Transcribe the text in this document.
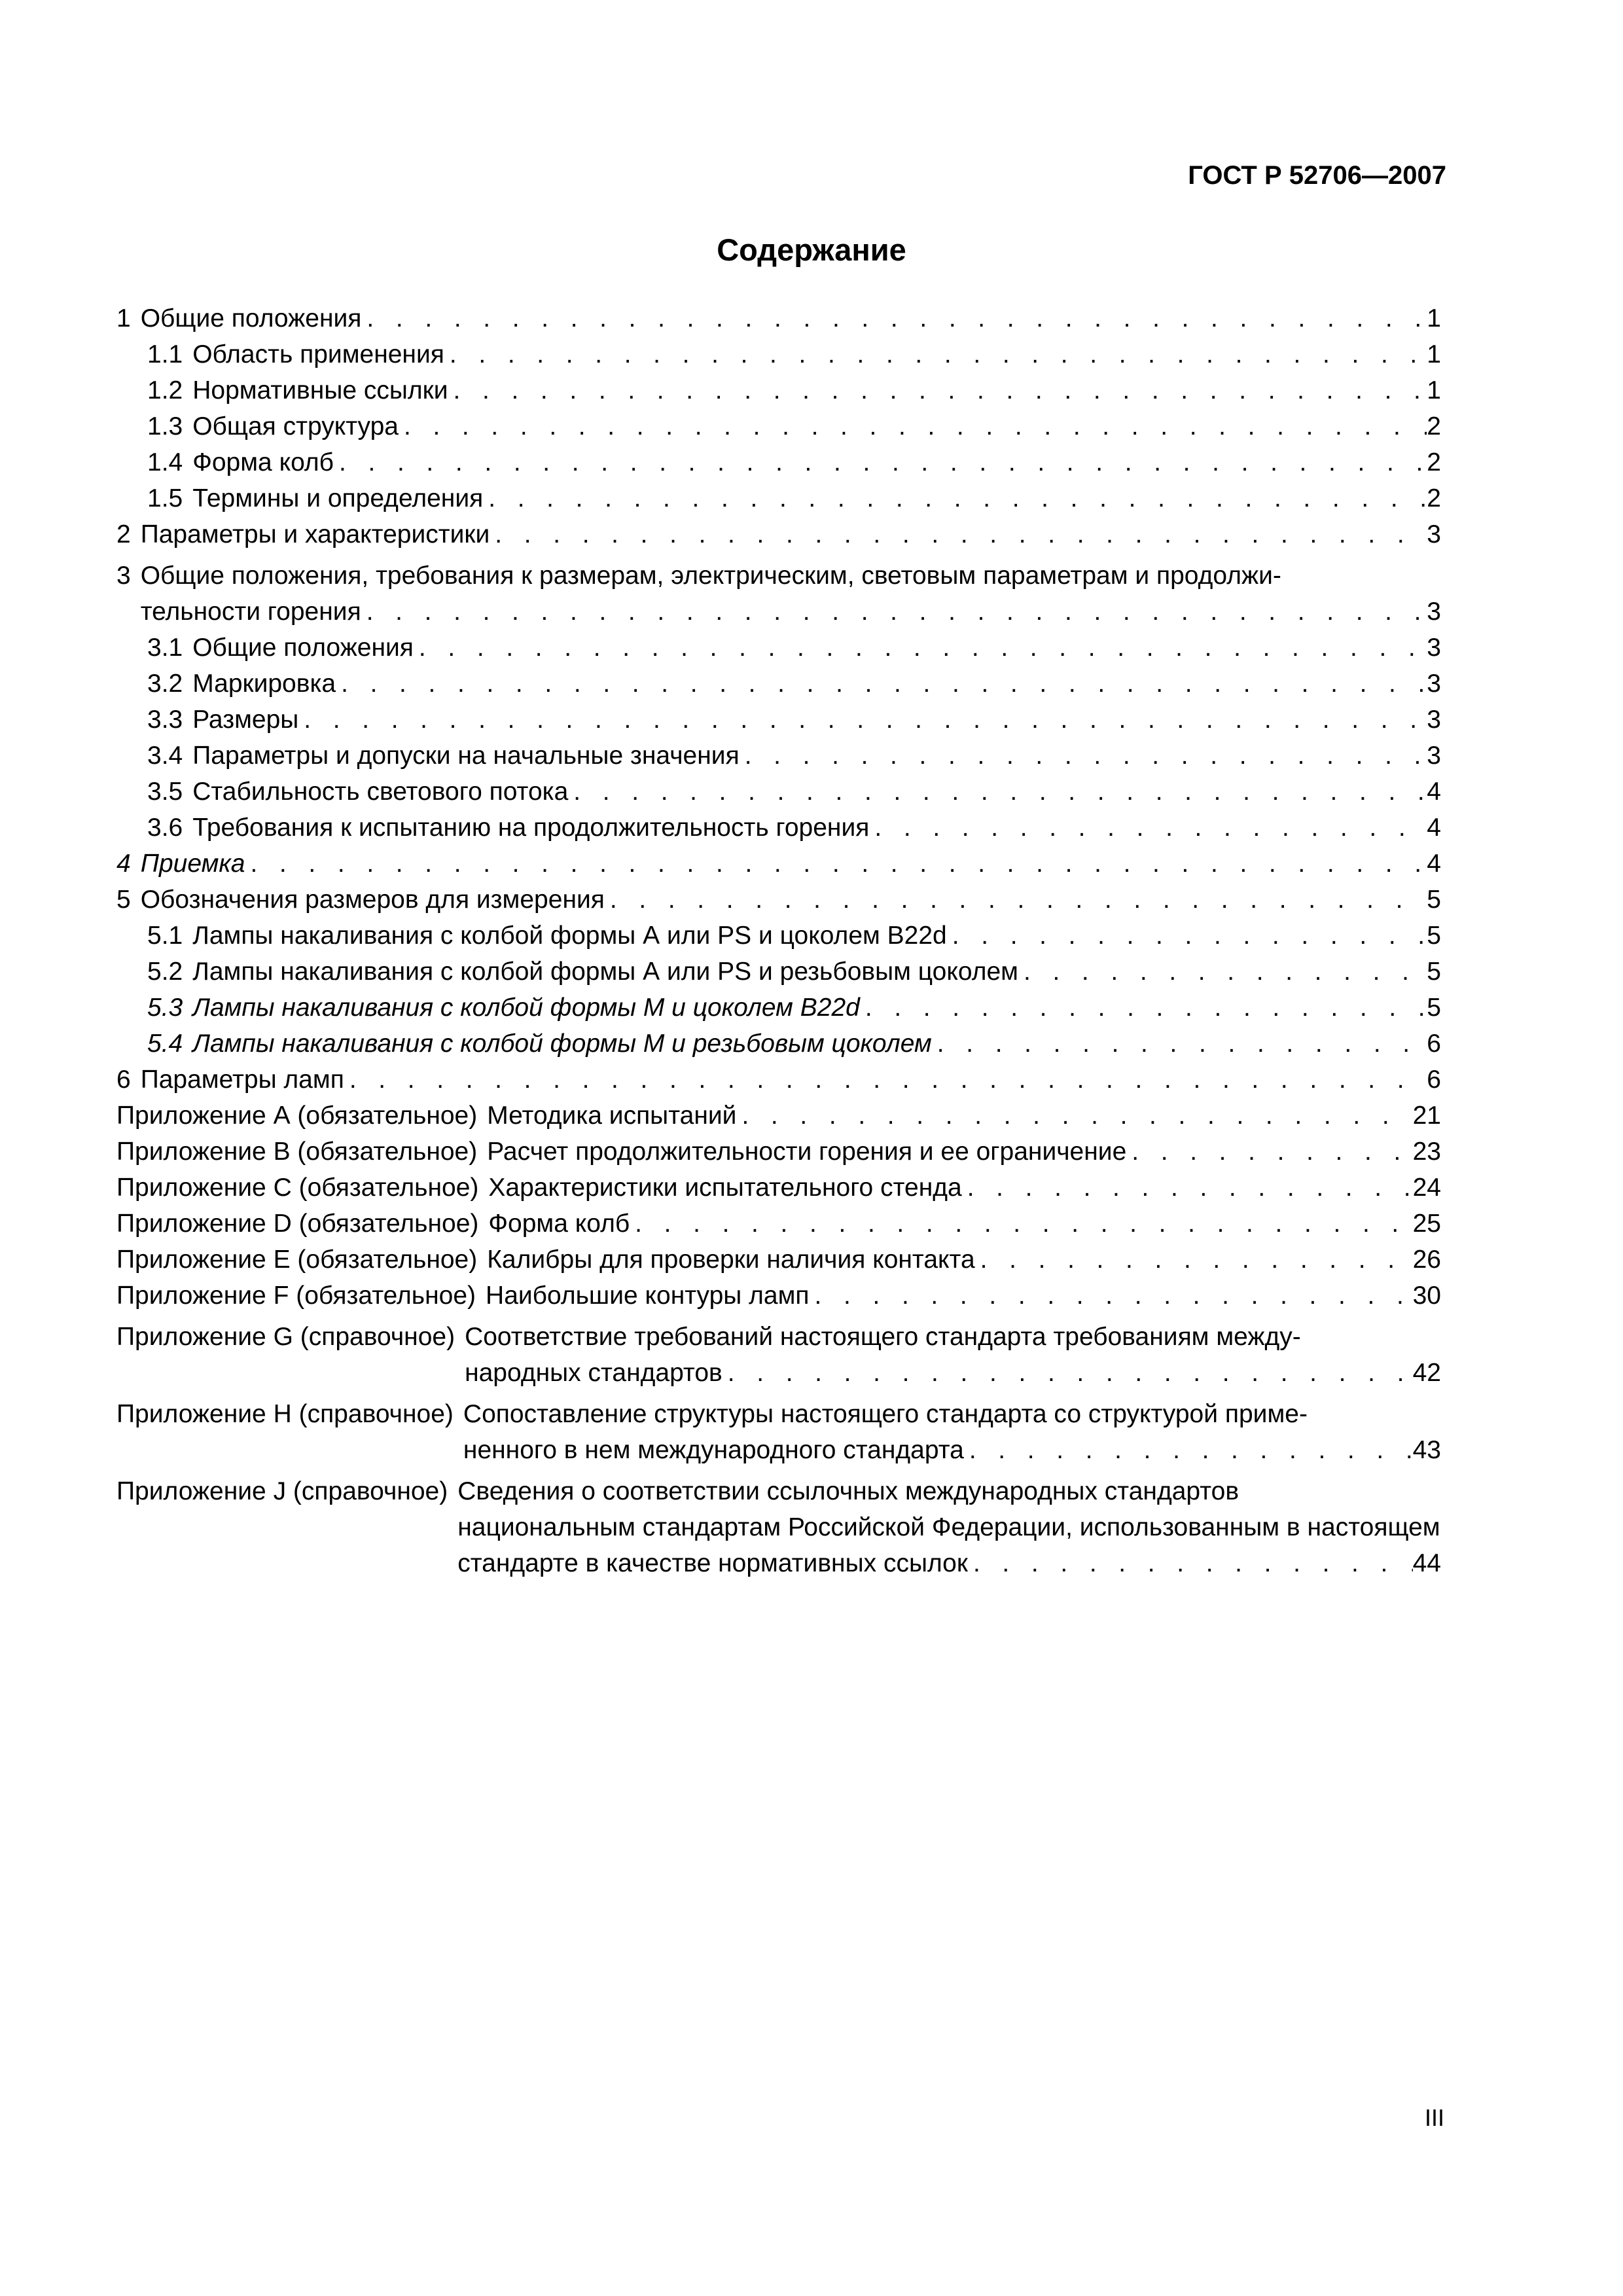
ГОСТ Р 52706—2007
Содержание
1 Общие положения . . .	1
1.1 Область применения . . .	1
1.2 Нормативные ссылки . . .	1
1.3 Общая структура . . .	2
1.4 Форма колб . . .	2
1.5 Термины и определения . . .	2
2 Параметры и характеристики . . .	3
3 Общие положения, требования к размерам, электрическим, световым параметрам и продолжи-
тельности горения . . .	3
3.1 Общие положения . . .	3
3.2 Маркировка . . .	3
3.3 Размеры . . .	3
3.4 Параметры и допуски на начальные значения . . .	3
3.5 Стабильность светового потока . . .	4
3.6 Требования к испытанию на продолжительность горения . . .	4
4 Приемка . . .	4
5 Обозначения размеров для измерения . . .	5
5.1 Лампы накаливания с колбой формы А или PS и цоколем B22d . . .	5
5.2 Лампы накаливания с колбой формы А или PS и резьбовым цоколем . . .	5
5.3 Лампы накаливания с колбой формы М и цоколем B22d . . .	5
5.4 Лампы накаливания с колбой формы М и резьбовым цоколем . . .	6
6 Параметры ламп . . .	6
Приложение А (обязательное) Методика испытаний . . .	21
Приложение В (обязательное) Расчет продолжительности горения и ее ограничение . . .	23
Приложение С (обязательное) Характеристики испытательного стенда . . .	24
Приложение D (обязательное) Форма колб . . .	25
Приложение Е (обязательное) Калибры для проверки наличия контакта . . .	26
Приложение F (обязательное) Наибольшие контуры ламп . . .	30
Приложение G (справочное) Соответствие требований настоящего стандарта требованиям между-
народных стандартов . . .	42
Приложение H (справочное) Сопоставление структуры настоящего стандарта со структурой приме-
ненного в нем международного стандарта . . .	43
Приложение J (справочное) Сведения о соответствии ссылочных международных стандартов
национальным стандартам Российской Федерации, использованным в настоящем
стандарте в качестве нормативных ссылок . . .	44
III
